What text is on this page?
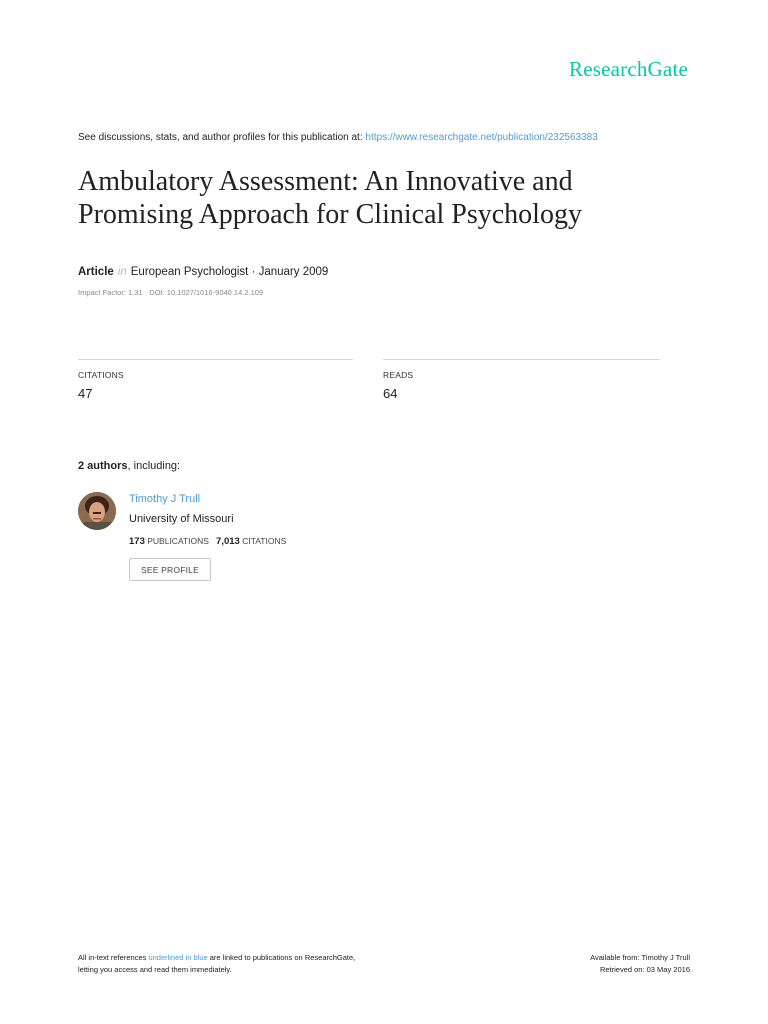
ResearchGate
See discussions, stats, and author profiles for this publication at: https://www.researchgate.net/publication/232563383
Ambulatory Assessment: An Innovative and
Promising Approach for Clinical Psychology
Article in European Psychologist · January 2009
Impact Factor: 1.31 · DOI: 10.1027/1016-9040.14.2.109
CITATIONS
47
READS
64
2 authors, including:
Timothy J Trull
University of Missouri
173 PUBLICATIONS 7,013 CITATIONS
SEE PROFILE
All in-text references underlined in blue are linked to publications on ResearchGate,
letting you access and read them immediately.
Available from: Timothy J Trull
Retrieved on: 03 May 2016
